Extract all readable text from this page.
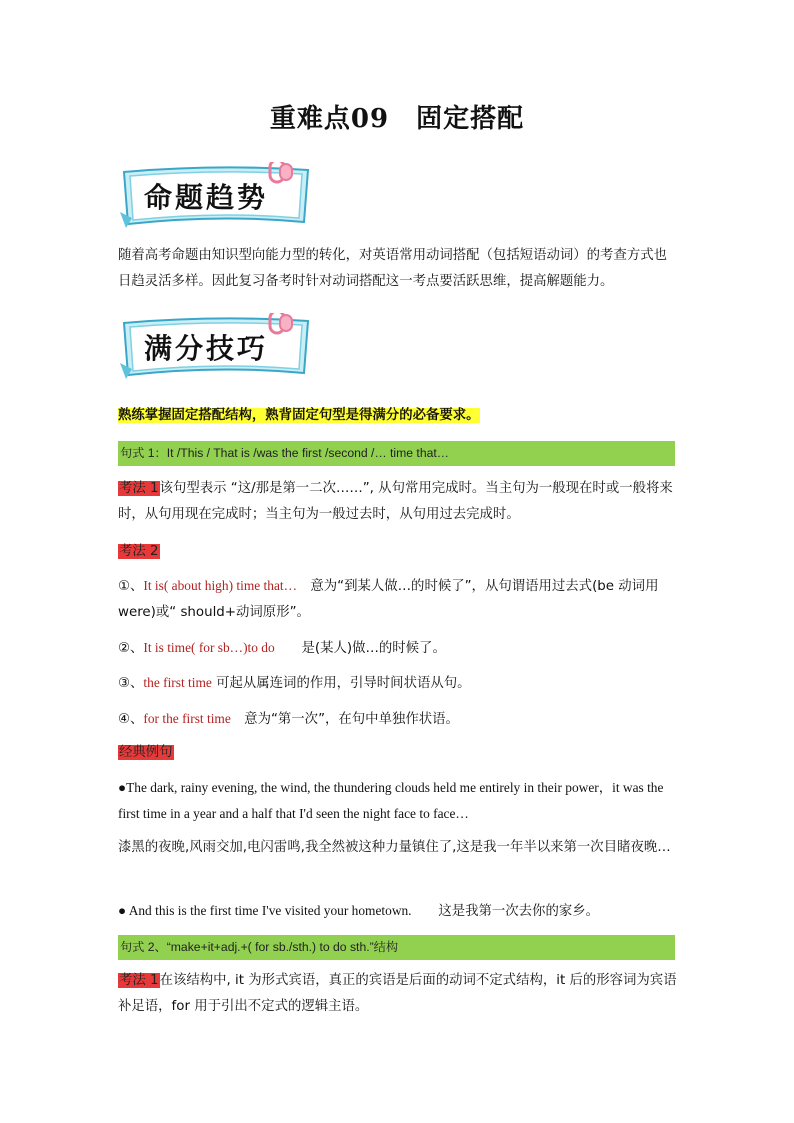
重难点09　固定搭配
命题趋势
随着高考命题由知识型向能力型的转化，对英语常用动词搭配（包括短语动词）的考查方式也日趋灵活多样。因此复习备考时针对动词搭配这一考点要活跃思维，提高解题能力。
满分技巧
熟练掌握固定搭配结构，熟背固定句型是得满分的必备要求。
句式 1：It /This / That is /was the first /second /… time that…
考法 1该句型表示 “这/那是第一二次……”, 从句常用完成时。当主句为一般现在时或一般将来时，从句用现在完成时；当主句为一般过去时，从句用过去完成时。
考法 2
①、It is( about high) time that…　意为“到某人做…的时候了”，从句谓语用过去式(be 动词用 were)或“ should+动词原形”。
②、It is time( for sb…)to do　　是(某人)做…的时候了。
③、the first time 可起从属连词的作用，引导时间状语从句。
④、for the first time　意为“第一次”，在句中单独作状语。
经典例句
●The dark, rainy evening, the wind, the thundering clouds held me entirely in their power，it was the first time in a year and a half that I'd seen the night face to face…
漆黑的夜晚,风雨交加,电闪雷鸣,我全然被这种力量镇住了,这是我一年半以来第一次目睹夜晚…
● And this is the first time I've visited your hometown.　　这是我第一次去你的家乡。
句式 2、“make+it+adj.+( for sb./sth.) to do sth.”结构
考法 1在该结构中, it 为形式宾语，真正的宾语是后面的动词不定式结构，it 后的形容词为宾语补足语，for 用于引出不定式的逻辑主语。
